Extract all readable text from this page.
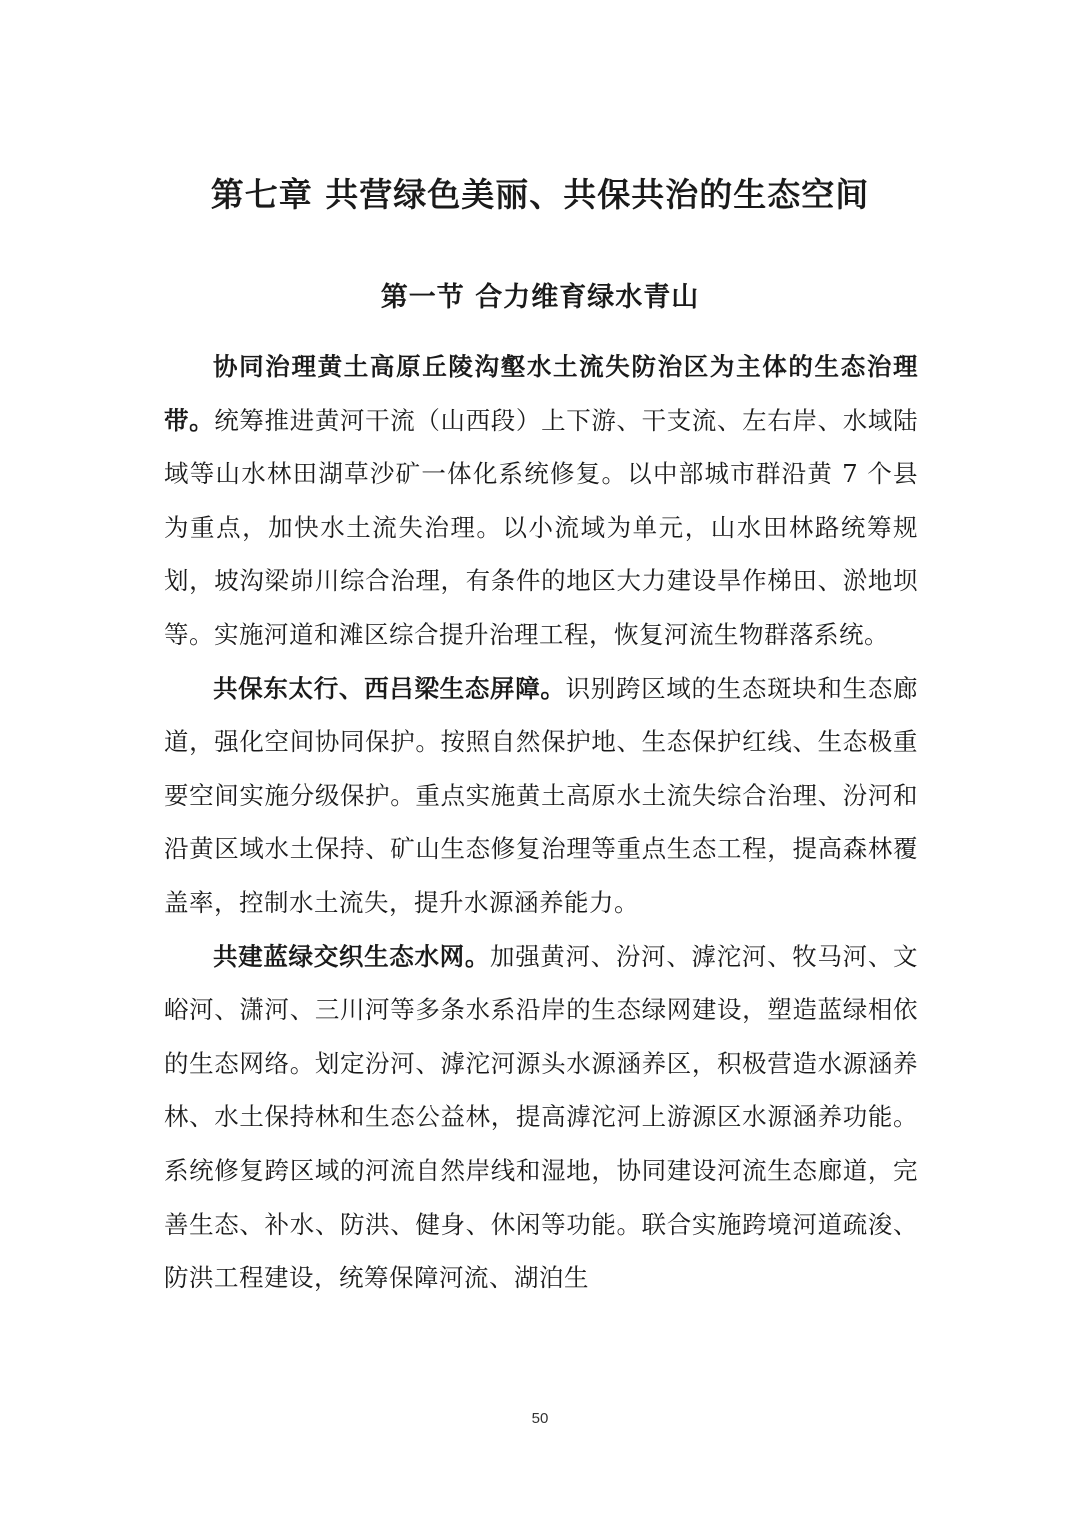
第七章 共营绿色美丽、共保共治的生态空间
第一节 合力维育绿水青山

协同治理黄土高原丘陵沟壑水土流失防治区为主体的生态治理带。统筹推进黄河干流（山西段）上下游、干支流、左右岸、水域陆域等山水林田湖草沙矿一体化系统修复。以中部城市群沿黄 7 个县为重点，加快水土流失治理。以小流域为单元，山水田林路统筹规划，坡沟梁峁川综合治理，有条件的地区大力建设旱作梯田、淤地坝等。实施河道和滩区综合提升治理工程，恢复河流生物群落系统。

共保东太行、西吕梁生态屏障。识别跨区域的生态斑块和生态廊道，强化空间协同保护。按照自然保护地、生态保护红线、生态极重要空间实施分级保护。重点实施黄土高原水土流失综合治理、汾河和沿黄区域水土保持、矿山生态修复治理等重点生态工程，提高森林覆盖率，控制水土流失，提升水源涵养能力。

共建蓝绿交织生态水网。加强黄河、汾河、滹沱河、牧马河、文峪河、潇河、三川河等多条水系沿岸的生态绿网建设，塑造蓝绿相依的生态网络。划定汾河、滹沱河源头水源涵养区，积极营造水源涵养林、水土保持林和生态公益林，提高滹沱河上游源区水源涵养功能。系统修复跨区域的河流自然岸线和湿地，协同建设河流生态廊道，完善生态、补水、防洪、健身、休闲等功能。联合实施跨境河道疏浚、防洪工程建设，统筹保障河流、湖泊生

50
